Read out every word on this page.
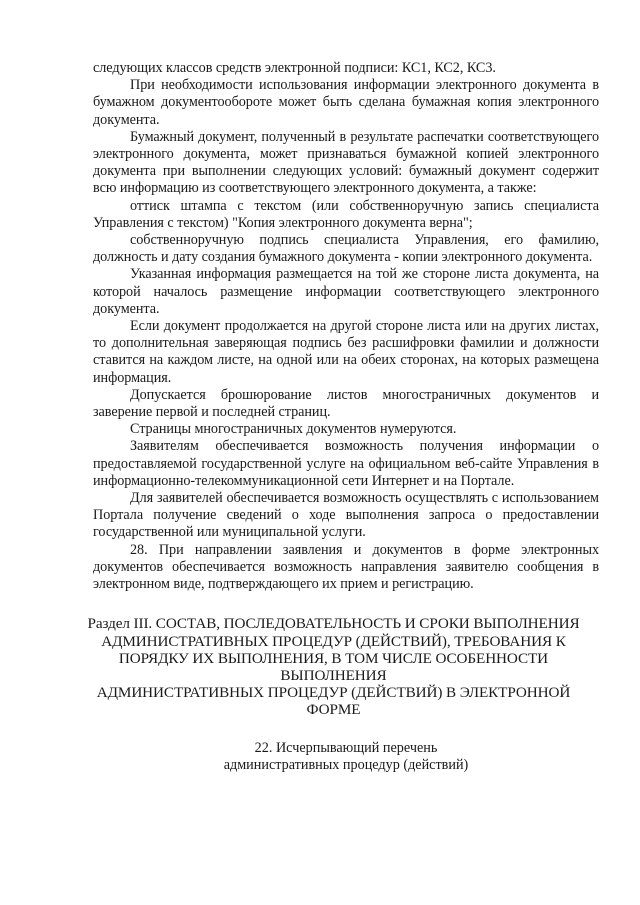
следующих классов средств электронной подписи: КС1, КС2, КС3.

При необходимости использования информации электронного документа в бумажном документообороте может быть сделана бумажная копия электронного документа.

Бумажный документ, полученный в результате распечатки соответствующего электронного документа, может признаваться бумажной копией электронного документа при выполнении следующих условий: бумажный документ содержит всю информацию из соответствующего электронного документа, а также:

оттиск штампа с текстом (или собственноручную запись специалиста Управления с текстом) "Копия электронного документа верна";

собственноручную подпись специалиста Управления, его фамилию, должность и дату создания бумажного документа - копии электронного документа.

Указанная информация размещается на той же стороне листа документа, на которой началось размещение информации соответствующего электронного документа.

Если документ продолжается на другой стороне листа или на других листах, то дополнительная заверяющая подпись без расшифровки фамилии и должности ставится на каждом листе, на одной или на обеих сторонах, на которых размещена информация.

Допускается брошюрование листов многостраничных документов и заверение первой и последней страниц.

Страницы многостраничных документов нумеруются.

Заявителям обеспечивается возможность получения информации о предоставляемой государственной услуге на официальном веб-сайте Управления в информационно-телекоммуникационной сети Интернет и на Портале.

Для заявителей обеспечивается возможность осуществлять с использованием Портала получение сведений о ходе выполнения запроса о предоставлении государственной или муниципальной услуги.

28. При направлении заявления и документов в форме электронных документов обеспечивается возможность направления заявителю сообщения в электронном виде, подтверждающего их прием и регистрацию.

Раздел III. СОСТАВ, ПОСЛЕДОВАТЕЛЬНОСТЬ И СРОКИ ВЫПОЛНЕНИЯ
АДМИНИСТРАТИВНЫХ ПРОЦЕДУР (ДЕЙСТВИЙ), ТРЕБОВАНИЯ К
ПОРЯДКУ ИХ ВЫПОЛНЕНИЯ, В ТОМ ЧИСЛЕ ОСОБЕННОСТИ
ВЫПОЛНЕНИЯ
АДМИНИСТРАТИВНЫХ ПРОЦЕДУР (ДЕЙСТВИЙ) В ЭЛЕКТРОННОЙ
ФОРМЕ
22. Исчерпывающий перечень
административных процедур (действий)
